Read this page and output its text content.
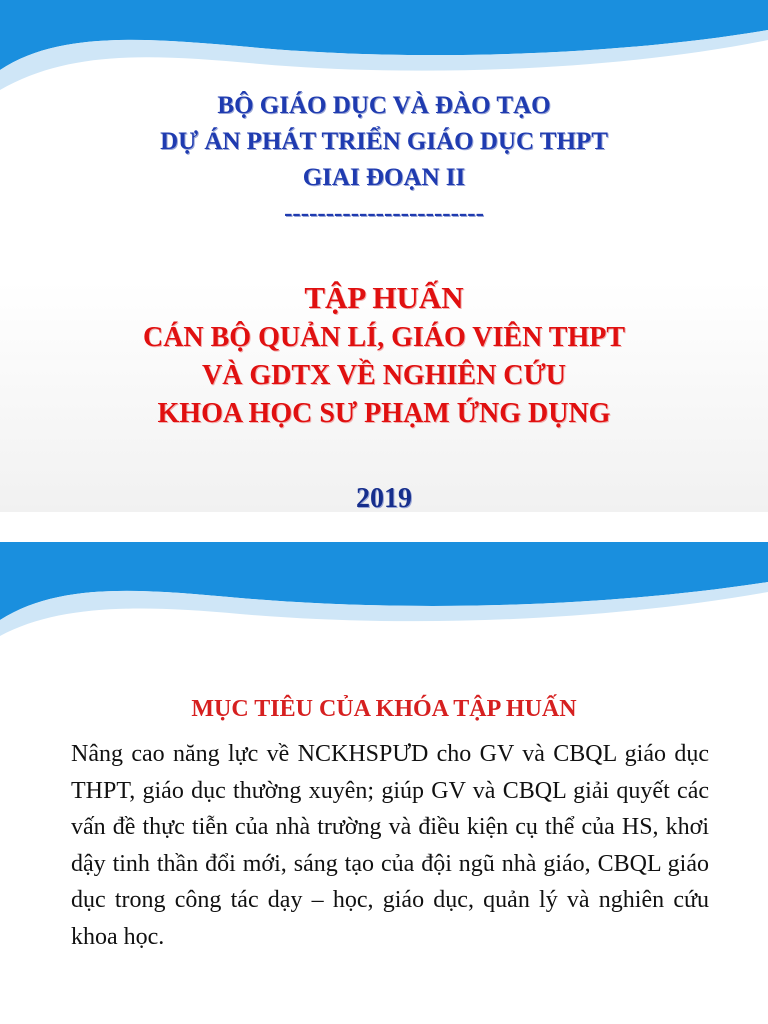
BỘ GIÁO DỤC VÀ ĐÀO TẠO
DỰ ÁN PHÁT TRIỂN GIÁO DỤC THPT
GIAI ĐOẠN II
------------------------
TẬP HUẤN
CÁN BỘ QUẢN LÍ, GIÁO VIÊN THPT
VÀ GDTX VỀ NGHIÊN CỨU
KHOA HỌC SƯ PHẠM ỨNG DỤNG
2019
MỤC TIÊU CỦA KHÓA TẬP HUẤN
Nâng cao năng lực về NCKHSPƯD cho GV và CBQL giáo dục THPT, giáo dục thường xuyên; giúp GV và CBQL giải quyết các vấn đề thực tiễn của nhà trường và điều kiện cụ thể của HS, khơi dậy tinh thần đổi mới, sáng tạo của đội ngũ nhà giáo, CBQL giáo dục trong công tác dạy – học, giáo dục, quản lý và nghiên cứu khoa học.
